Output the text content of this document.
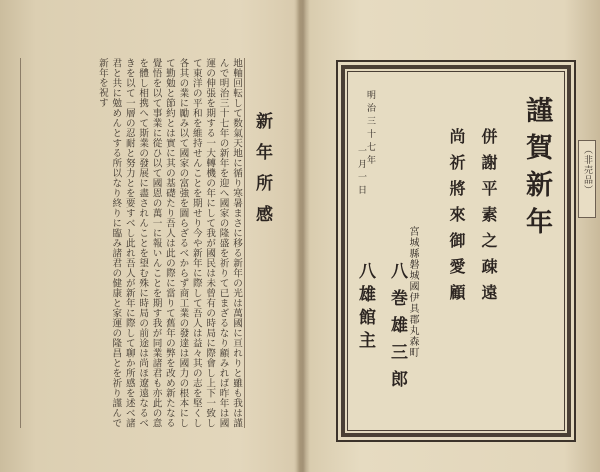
新年所感
地軸回転して数氣天地に循り寒暑まさに移る新年の光は萬國に亘れりと雖も我は謹んで明治三十七年の新年を迎へ國家の隆盛を祈りて已まざるなり顧みれば昨年は國運の伸張を期する一大轉機の年にして我が國民は未曾有の時局に際會し上下一致して東洋の平和を維持せんことを期せり今や新年に際して吾人は益々其の志を堅くし各其の業に勵み以て國家の富強を圖らざるべからず商工業の發達は國力の根本にして勤勉と節約とは實に其の基礎たり吾人は此の際に當りて舊年の弊を改め新たなる覺悟を以て事業に從ひ以て國恩の萬一に報いんことを期す我が同業諸君も亦此の意を體し相携へて斯業の發展に盡されんことを望む殊に時局の前途は尚ほ遼遠なるべきを以て一層の忍耐と努力とを要すべし此れ吾人が新年に際して聊か所感を述べ諸君と共に勉めんとする所以なり終りに臨み諸君の健康と家運の隆昌とを祈り謹んで新年を祝す
謹賀新年
併謝平素之疎遠
尚祈將來御愛顧
宮城縣磐城國伊具郡丸森町
八巻雄三郎
八雄館主
明治三十七年
一月一日	（非売品）
